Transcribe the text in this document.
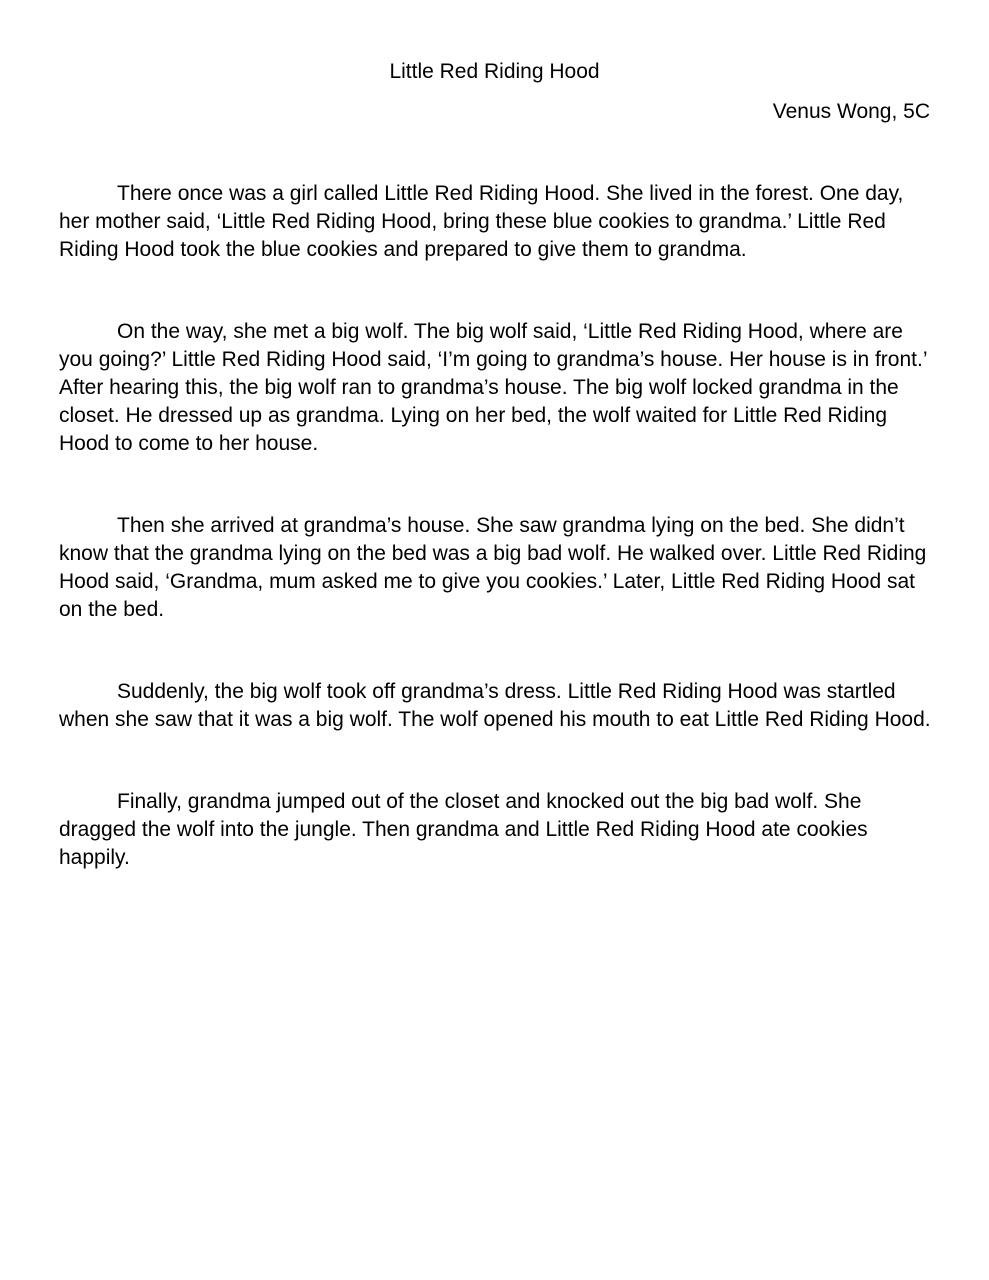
Little Red Riding Hood
Venus Wong, 5C

There once was a girl called Little Red Riding Hood. She lived in the forest. One day, her mother said, ‘Little Red Riding Hood, bring these blue cookies to grandma.’ Little Red Riding Hood took the blue cookies and prepared to give them to grandma.

On the way, she met a big wolf. The big wolf said, ‘Little Red Riding Hood, where are you going?’ Little Red Riding Hood said, ‘I’m going to grandma’s house. Her house is in front.’ After hearing this, the big wolf ran to grandma’s house. The big wolf locked grandma in the closet. He dressed up as grandma. Lying on her bed, the wolf waited for Little Red Riding Hood to come to her house.

Then she arrived at grandma’s house. She saw grandma lying on the bed. She didn’t know that the grandma lying on the bed was a big bad wolf. He walked over. Little Red Riding Hood said, ‘Grandma, mum asked me to give you cookies.’ Later, Little Red Riding Hood sat on the bed.

Suddenly, the big wolf took off grandma’s dress. Little Red Riding Hood was startled when she saw that it was a big wolf. The wolf opened his mouth to eat Little Red Riding Hood.

Finally, grandma jumped out of the closet and knocked out the big bad wolf. She dragged the wolf into the jungle. Then grandma and Little Red Riding Hood ate cookies happily.
